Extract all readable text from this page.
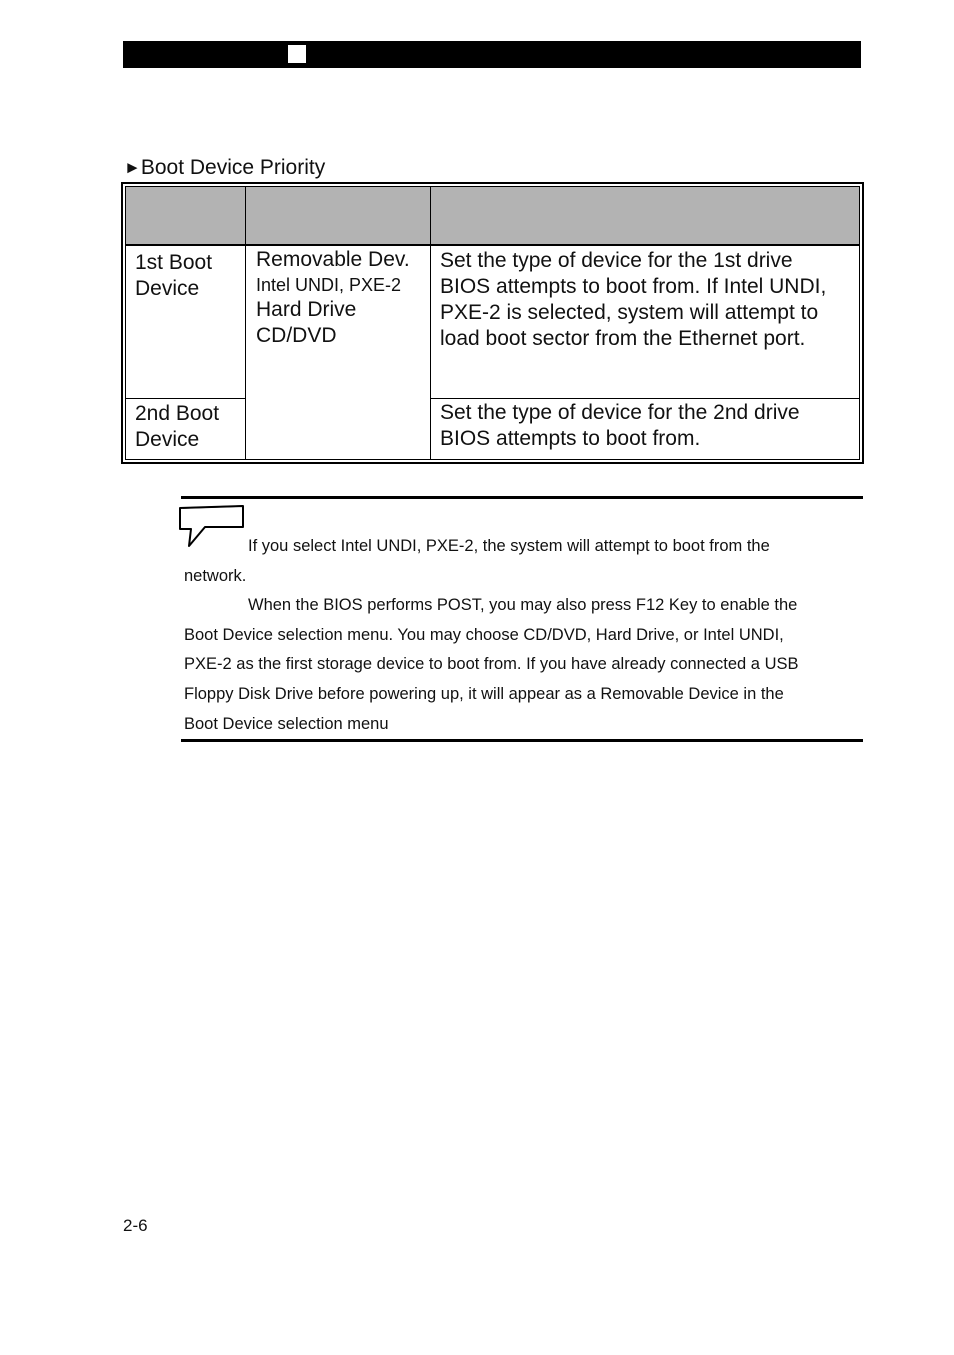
►Boot Device Priority

1st Boot
Device	Removable Dev.
Intel UNDI, PXE-2
Hard Drive
CD/DVD	Set the type of device for the 1st drive
BIOS attempts to boot from. If Intel UNDI,
PXE-2 is selected, system will attempt to
load boot sector from the Ethernet port.

2nd Boot
Device		Set the type of device for the 2nd drive
BIOS attempts to boot from.

If you select Intel UNDI, PXE-2, the system will attempt to boot from the
network.

When the BIOS performs POST, you may also press F12 Key to enable the
Boot Device selection menu. You may choose CD/DVD, Hard Drive, or Intel UNDI,
PXE-2 as the first storage device to boot from. If you have already connected a USB
Floppy Disk Drive before powering up, it will appear as a Removable Device in the
Boot Device selection menu

2-6
